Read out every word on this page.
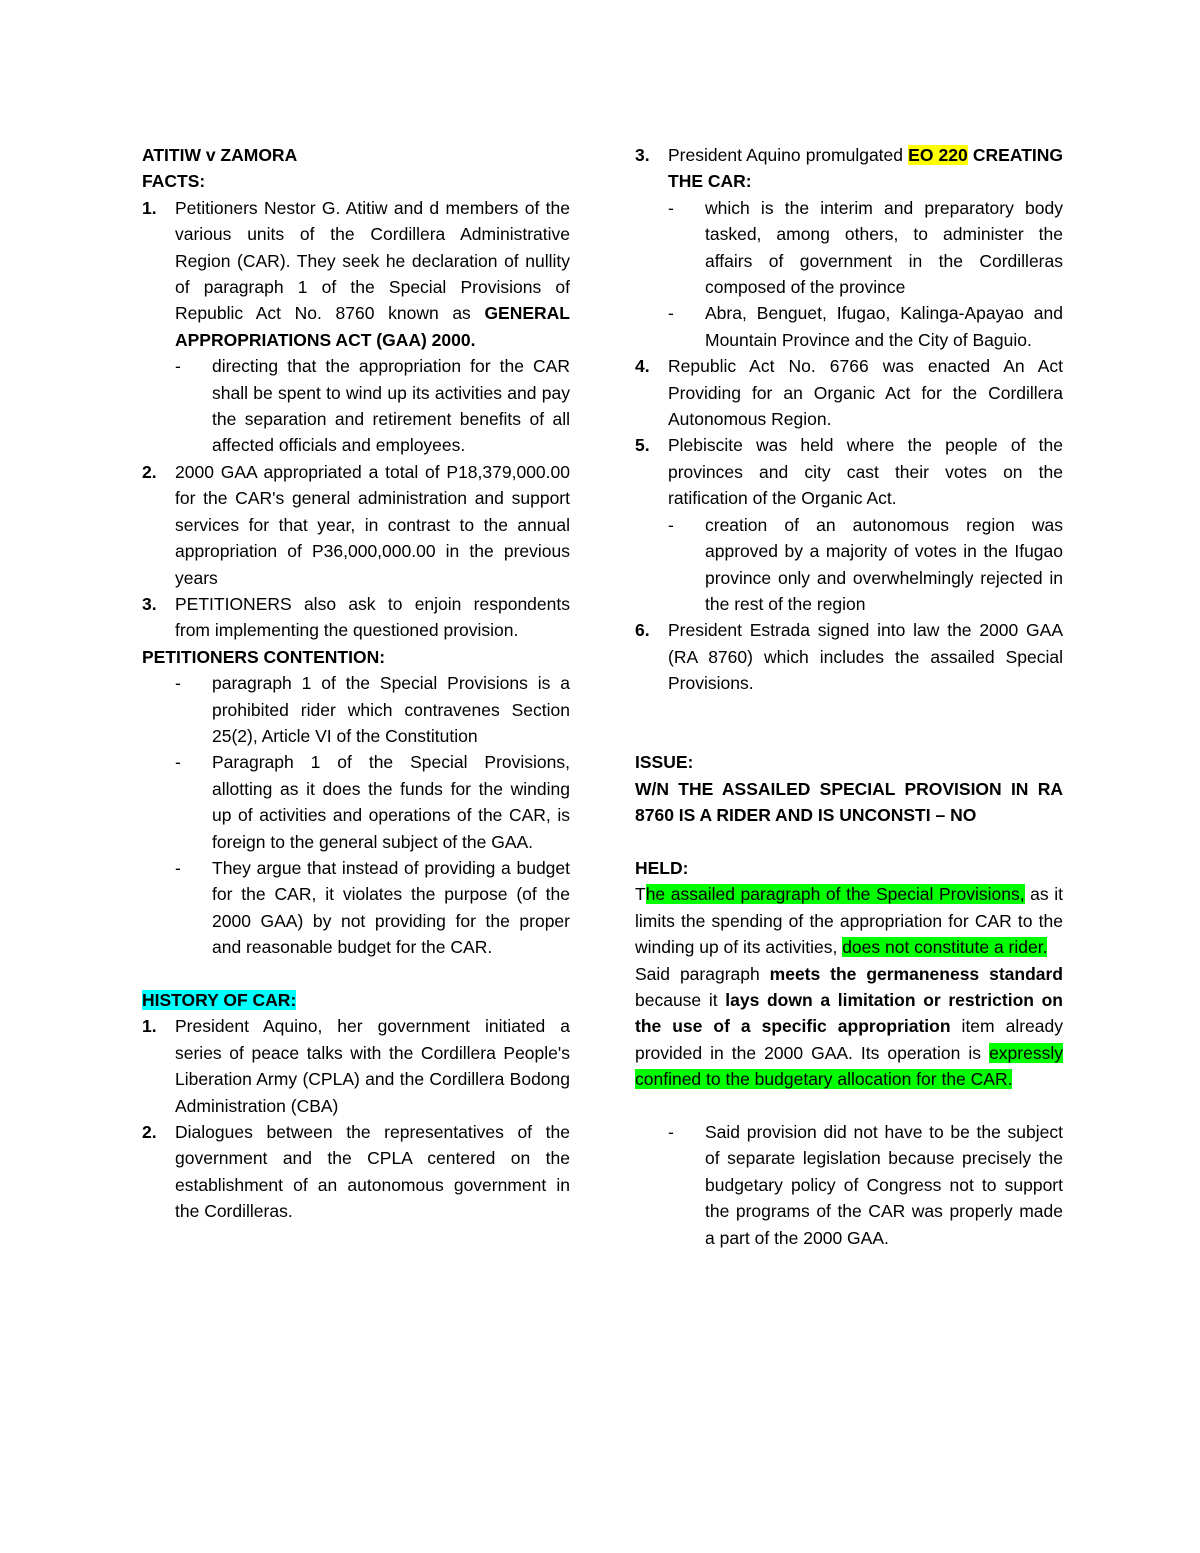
ATITIW v ZAMORA

FACTS:

1. Petitioners Nestor G. Atitiw and d members of the various units of the Cordillera Administrative Region (CAR). They seek he declaration of nullity of paragraph 1 of the Special Provisions of Republic Act No. 8760 known as GENERAL APPROPRIATIONS ACT (GAA) 2000.
- directing that the appropriation for the CAR shall be spent to wind up its activities and pay the separation and retirement benefits of all affected officials and employees.
2. 2000 GAA appropriated a total of P18,379,000.00 for the CAR's general administration and support services for that year, in contrast to the annual appropriation of P36,000,000.00 in the previous years
3. PETITIONERS also ask to enjoin respondents from implementing the questioned provision.

PETITIONERS CONTENTION:

- paragraph 1 of the Special Provisions is a prohibited rider which contravenes Section 25(2), Article VI of the Constitution
- Paragraph 1 of the Special Provisions, allotting as it does the funds for the winding up of activities and operations of the CAR, is foreign to the general subject of the GAA.
- They argue that instead of providing a budget for the CAR, it violates the purpose (of the 2000 GAA) by not providing for the proper and reasonable budget for the CAR.

HISTORY OF CAR:

1. President Aquino, her government initiated a series of peace talks with the Cordillera People's Liberation Army (CPLA) and the Cordillera Bodong Administration (CBA)
2. Dialogues between the representatives of the government and the CPLA centered on the establishment of an autonomous government in the Cordilleras.
3. President Aquino promulgated EO 220 CREATING THE CAR:
- which is the interim and preparatory body tasked, among others, to administer the affairs of government in the Cordilleras composed of the province
- Abra, Benguet, Ifugao, Kalinga-Apayao and Mountain Province and the City of Baguio.
4. Republic Act No. 6766 was enacted An Act Providing for an Organic Act for the Cordillera Autonomous Region.
5. Plebiscite was held where the people of the provinces and city cast their votes on the ratification of the Organic Act.
- creation of an autonomous region was approved by a majority of votes in the Ifugao province only and overwhelmingly rejected in the rest of the region
6. President Estrada signed into law the 2000 GAA (RA 8760) which includes the assailed Special Provisions.

ISSUE:

W/N THE ASSAILED SPECIAL PROVISION IN RA 8760 IS A RIDER AND IS UNCONSTI – NO

HELD:

The assailed paragraph of the Special Provisions, as it limits the spending of the appropriation for CAR to the winding up of its activities, does not constitute a rider.

Said paragraph meets the germaneness standard because it lays down a limitation or restriction on the use of a specific appropriation item already provided in the 2000 GAA. Its operation is expressly confined to the budgetary allocation for the CAR.

- Said provision did not have to be the subject of separate legislation because precisely the budgetary policy of Congress not to support the programs of the CAR was properly made a part of the 2000 GAA.
